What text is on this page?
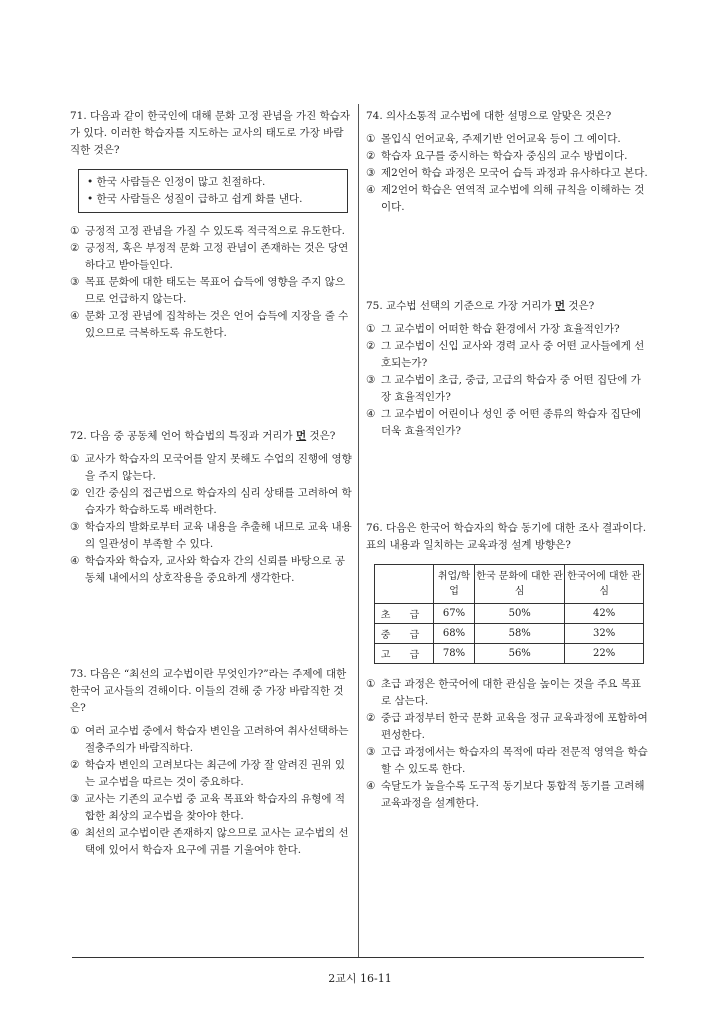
71. 다음과 같이 한국인에 대해 문화 고정 관념을 가진 학습자가 있다. 이러한 학습자를 지도하는 교사의 태도로 가장 바람직한 것은?

• 한국 사람들은 인정이 많고 친절하다.
• 한국 사람들은 성질이 급하고 쉽게 화를 낸다.
① 긍정적 고정 관념을 가질 수 있도록 적극적으로 유도한다.
② 긍정적, 혹은 부정적 문화 고정 관념이 존재하는 것은 당연하다고 받아들인다.
③ 목표 문화에 대한 태도는 목표어 습득에 영향을 주지 않으므로 언급하지 않는다.
④ 문화 고정 관념에 집착하는 것은 언어 습득에 지장을 줄 수 있으므로 극복하도록 유도한다.

72. 다음 중 공동체 언어 학습법의 특징과 거리가 먼 것은?

① 교사가 학습자의 모국어를 알지 못해도 수업의 진행에 영향을 주지 않는다.
② 인간 중심의 접근법으로 학습자의 심리 상태를 고려하여 학습자가 학습하도록 배려한다.
③ 학습자의 발화로부터 교육 내용을 추출해 내므로 교육 내용의 일관성이 부족할 수 있다.
④ 학습자와 학습자, 교사와 학습자 간의 신뢰를 바탕으로 공동체 내에서의 상호작용을 중요하게 생각한다.

73. 다음은 “최선의 교수법이란 무엇인가?”라는 주제에 대한 한국어 교사들의 견해이다. 이들의 견해 중 가장 바람직한 것은?

① 여러 교수법 중에서 학습자 변인을 고려하여 취사선택하는 절충주의가 바람직하다.
② 학습자 변인의 고려보다는 최근에 가장 잘 알려진 권위 있는 교수법을 따르는 것이 중요하다.
③ 교사는 기존의 교수법 중 교육 목표와 학습자의 유형에 적합한 최상의 교수법을 찾아야 한다.
④ 최선의 교수법이란 존재하지 않으므로 교사는 교수법의 선택에 있어서 학습자 요구에 귀를 기울여야 한다.

74. 의사소통적 교수법에 대한 설명으로 알맞은 것은?

① 몰입식 언어교육, 주제기반 언어교육 등이 그 예이다.
② 학습자 요구를 중시하는 학습자 중심의 교수 방법이다.
③ 제2언어 학습 과정은 모국어 습득 과정과 유사하다고 본다.
④ 제2언어 학습은 연역적 교수법에 의해 규칙을 이해하는 것이다.

75. 교수법 선택의 기준으로 가장 거리가 먼 것은?

① 그 교수법이 어떠한 학습 환경에서 가장 효율적인가?
② 그 교수법이 신입 교사와 경력 교사 중 어떤 교사들에게 선호되는가?
③ 그 교수법이 초급, 중급, 고급의 학습자 중 어떤 집단에 가장 효율적인가?
④ 그 교수법이 어린이나 성인 중 어떤 종류의 학습자 집단에 더욱 효율적인가?

76. 다음은 한국어 학습자의 학습 동기에 대한 조사 결과이다. 표의 내용과 일치하는 교육과정 설계 방향은?

	취업/학업	한국 문화에 대한 관심	한국어에 대한 관심
초 급	67%	50%	42%
중 급	68%	58%	32%
고 급	78%	56%	22%
① 초급 과정은 한국어에 대한 관심을 높이는 것을 주요 목표로 삼는다.
② 중급 과정부터 한국 문화 교육을 정규 교육과정에 포함하여 편성한다.
③ 고급 과정에서는 학습자의 목적에 따라 전문적 영역을 학습할 수 있도록 한다.
④ 숙달도가 높을수록 도구적 동기보다 통합적 동기를 고려해 교육과정을 설계한다.
2교시 16-11
